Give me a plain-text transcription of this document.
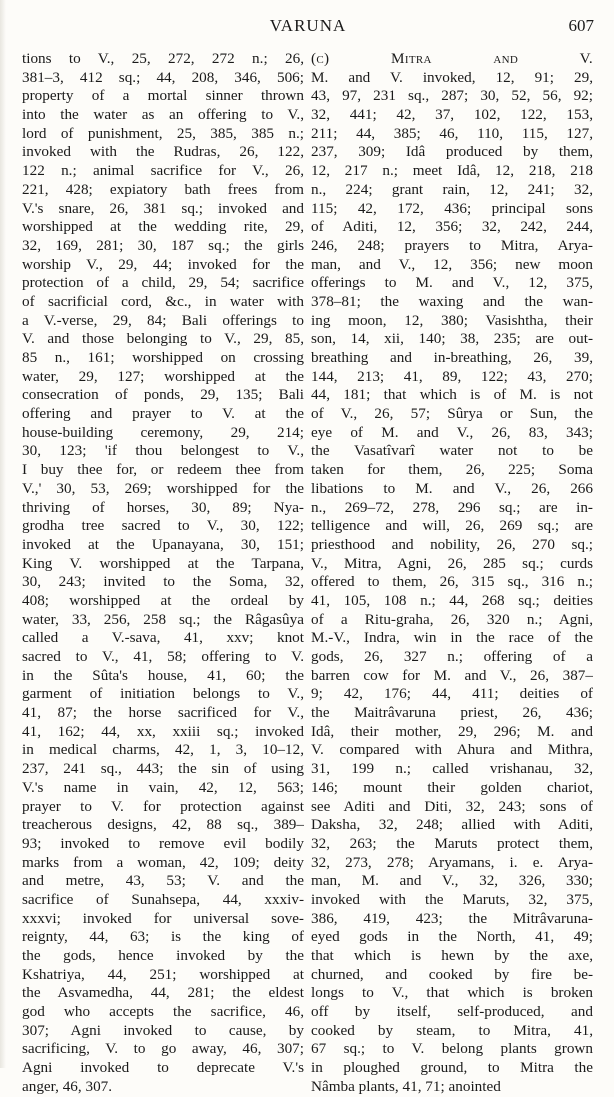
VARUNA	607
tions to V., 25, 272, 272 n.; 26,
381–3, 412 sq.; 44, 208, 346, 506;
property of a mortal sinner thrown
into the water as an offering to V.,
lord of punishment, 25, 385, 385 n.;
invoked with the Rudras, 26, 122,
122 n.; animal sacrifice for V., 26,
221, 428; expiatory bath frees from
V.'s snare, 26, 381 sq.; invoked and
worshipped at the wedding rite, 29,
32, 169, 281; 30, 187 sq.; the girls
worship V., 29, 44; invoked for the
protection of a child, 29, 54; sacrifice
of sacrificial cord, &c., in water with
a V.-verse, 29, 84; Bali offerings to
V. and those belonging to V., 29, 85,
85 n., 161; worshipped on crossing
water, 29, 127; worshipped at the
consecration of ponds, 29, 135; Bali
offering and prayer to V. at the
house-building ceremony, 29, 214;
30, 123; 'if thou belongest to V.,
I buy thee for, or redeem thee from
V.,' 30, 53, 269; worshipped for the
thriving of horses, 30, 89; Nya-
grodha tree sacred to V., 30, 122;
invoked at the Upanayana, 30, 151;
King V. worshipped at the Tarpana,
30, 243; invited to the Soma, 32,
408; worshipped at the ordeal by
water, 33, 256, 258 sq.; the Râgasûya
called a V.-sava, 41, xxv; knot
sacred to V., 41, 58; offering to V.
in the Sûta's house, 41, 60; the
garment of initiation belongs to V.,
41, 87; the horse sacrificed for V.,
41, 162; 44, xx, xxiii sq.; invoked
in medical charms, 42, 1, 3, 10–12,
237, 241 sq., 443; the sin of using
V.'s name in vain, 42, 12, 563;
prayer to V. for protection against
treacherous designs, 42, 88 sq., 389–
93; invoked to remove evil bodily
marks from a woman, 42, 109; deity
and metre, 43, 53; V. and the
sacrifice of Sunahsepa, 44, xxxiv-
xxxvi; invoked for universal sove-
reignty, 44, 63; is the king of
the gods, hence invoked by the
Kshatriya, 44, 251; worshipped at
the Asvamedha, 44, 281; the eldest
god who accepts the sacrifice, 46,
307; Agni invoked to cause, by
sacrificing, V. to go away, 46, 307;
Agni invoked to deprecate V.'s
anger, 46, 307.
(c) Mitra and V.
M. and V. invoked, 12, 91; 29,
43, 97, 231 sq., 287; 30, 52, 56, 92;
32, 441; 42, 37, 102, 122, 153,
211; 44, 385; 46, 110, 115, 127,
237, 309; Idâ produced by them,
12, 217 n.; meet Idâ, 12, 218, 218
n., 224; grant rain, 12, 241; 32,
115; 42, 172, 436; principal sons
of Aditi, 12, 356; 32, 242, 244,
246, 248; prayers to Mitra, Arya-
man, and V., 12, 356; new moon
offerings to M. and V., 12, 375,
378–81; the waxing and the wan-
ing moon, 12, 380; Vasishtha, their
son, 14, xii, 140; 38, 235; are out-
breathing and in-breathing, 26, 39,
144, 213; 41, 89, 122; 43, 270;
44, 181; that which is of M. is not
of V., 26, 57; Sûrya or Sun, the
eye of M. and V., 26, 83, 343;
the Vasatîvarî water not to be
taken for them, 26, 225; Soma
libations to M. and V., 26, 266
n., 269–72, 278, 296 sq.; are in-
telligence and will, 26, 269 sq.; are
priesthood and nobility, 26, 270 sq.;
V., Mitra, Agni, 26, 285 sq.; curds
offered to them, 26, 315 sq., 316 n.;
41, 105, 108 n.; 44, 268 sq.; deities
of a Ritu-graha, 26, 320 n.; Agni,
M.-V., Indra, win in the race of the
gods, 26, 327 n.; offering of a
barren cow for M. and V., 26, 387–
9; 42, 176; 44, 411; deities of
the Maitrâvaruna priest, 26, 436;
Idâ, their mother, 29, 296; M. and
V. compared with Ahura and Mithra,
31, 199 n.; called vrishanau, 32,
146; mount their golden chariot,
see Aditi and Diti, 32, 243; sons of
Daksha, 32, 248; allied with Aditi,
32, 263; the Maruts protect them,
32, 273, 278; Aryamans, i. e. Arya-
man, M. and V., 32, 326, 330;
invoked with the Maruts, 32, 375,
386, 419, 423; the Mitrâvaruna-
eyed gods in the North, 41, 49;
that which is hewn by the axe,
churned, and cooked by fire be-
longs to V., that which is broken
off by itself, self-produced, and
cooked by steam, to Mitra, 41,
67 sq.; to V. belong plants grown
in ploughed ground, to Mitra the
Nâmba plants, 41, 71; anointed
